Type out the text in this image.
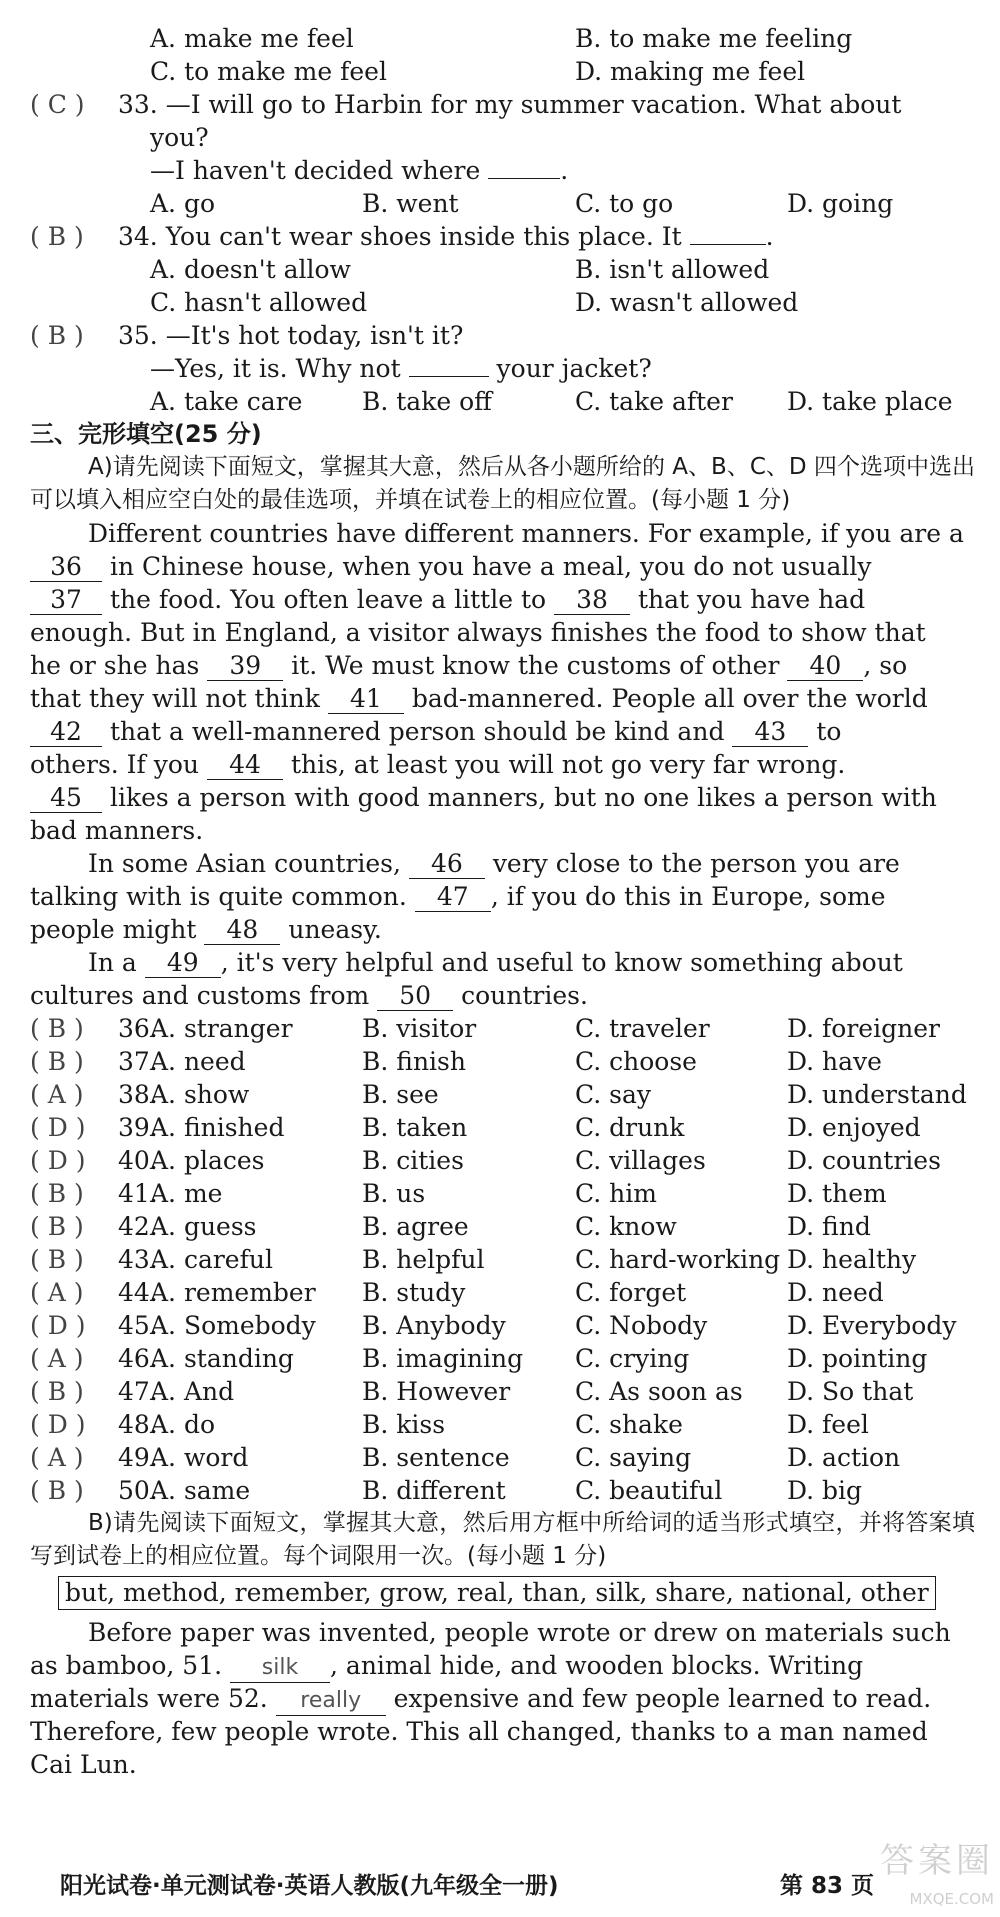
A. make me feel	B. to make me feeling
C. to make me feel	D. making me feel
( C ) 33. —I will go to Harbin for my summer vacation. What about
you?
—I haven't decided where	.
A. go	B. went	C. to go	D. going
( B ) 34. You can't wear shoes inside this place. It	.
A. doesn't allow	B. isn't allowed
C. hasn't allowed	D. wasn't allowed
( B ) 35. —It's hot today, isn't it?
—Yes, it is. Why not	your jacket?
A. take care B. take off	C. take after D. take place
三、完形填空(25 分)

A)请先阅读下面短文，掌握其大意，然后从各小题所给的 A、B、C、D 四个选项中选出可以填入相应空白处的最佳选项，并填在试卷上的相应位置。(每小题 1 分)

Different countries have different manners. For example, if you are a
36 in Chinese house, when you have a meal, you do not usually
37 the food. You often leave a little to 38 that you have had
enough. But in England, a visitor always finishes the food to show that
he or she has 39 it. We must know the customs of other 40 , so
that they will not think 41 bad-mannered. People all over the world
42 that a well-mannered person should be kind and 43 to
others. If you 44 this, at least you will not go very far wrong.
45 likes a person with good manners, but no one likes a person with
bad manners.
In some Asian countries, 46 very close to the person you are
talking with is quite common. 47 , if you do this in Europe, some
people might 48 uneasy.
In a 49 , it's very helpful and useful to know something about
cultures and customs from 50 countries.
( B ) 36.
A. stranger	B. visitor	C. traveler	D. foreigner
( B ) 37.
A. need	B. finish	C. choose	D. have
( A ) 38.
A. show	B. see	C. say	D. understand
( D ) 39.
A. finished	B. taken	C. drunk	D. enjoyed
( D ) 40.
A. places	B. cities	C. villages	D. countries
( B ) 41.
A. me	B. us	C. him	D. them
( B ) 42.
A. guess	B. agree	C. know	D. find
( B ) 43.
A. careful	B. helpful	C. hard-working D. healthy
( A ) 44.
A. remember B. study	C. forget	D. need
( D ) 45.
A. Somebody B. Anybody	C. Nobody	D. Everybody
( A ) 46.
A. standing	B. imagining C. crying	D. pointing
( B ) 47.
A. And	B. However	C. As soon as D. So that
( D ) 48.
A. do	B. kiss	C. shake	D. feel
( A ) 49.
A. word	B. sentence	C. saying	D. action
( B ) 50.
A. same	B. different	C. beautiful	D. big

B)请先阅读下面短文，掌握其大意，然后用方框中所给词的适当形式填空，并将答案填写到试卷上的相应位置。每个词限用一次。(每小题 1 分)

but, method, remember, grow, real, than, silk, share, national, other
Before paper was invented, people wrote or drew on materials such
as bamboo, 51. silk , animal hide, and wooden blocks. Writing
materials were 52. really expensive and few people learned to read.
Therefore, few people wrote. This all changed, thanks to a man named
Cai Lun.
阳光试卷·单元测试卷·英语人教版(九年级全一册)	第 83 页
答案圈
MXQE.COM
